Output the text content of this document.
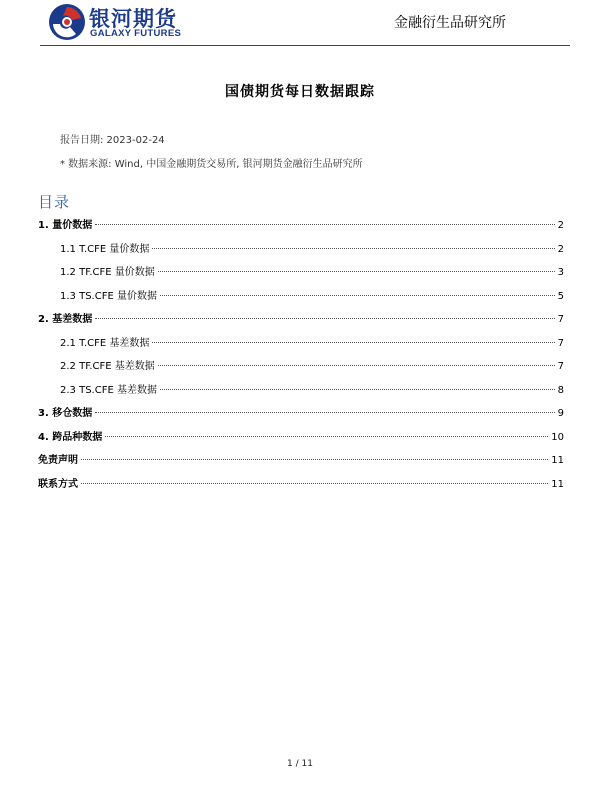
银河期货
GALAXY FUTURES
金融衍生品研究所
国债期货每日数据跟踪
报告日期: 2023-02-24
* 数据来源: Wind, 中国金融期货交易所, 银河期货金融衍生品研究所
目录
1. 量价数据	2
1.1 T.CFE 量价数据	2
1.2 TF.CFE 量价数据	3
1.3 TS.CFE 量价数据	5
2. 基差数据	7
2.1 T.CFE 基差数据	7
2.2 TF.CFE 基差数据	7
2.3 TS.CFE 基差数据	8
3. 移仓数据	9
4. 跨品种数据	10
免责声明	11
联系方式	11
1 / 11
